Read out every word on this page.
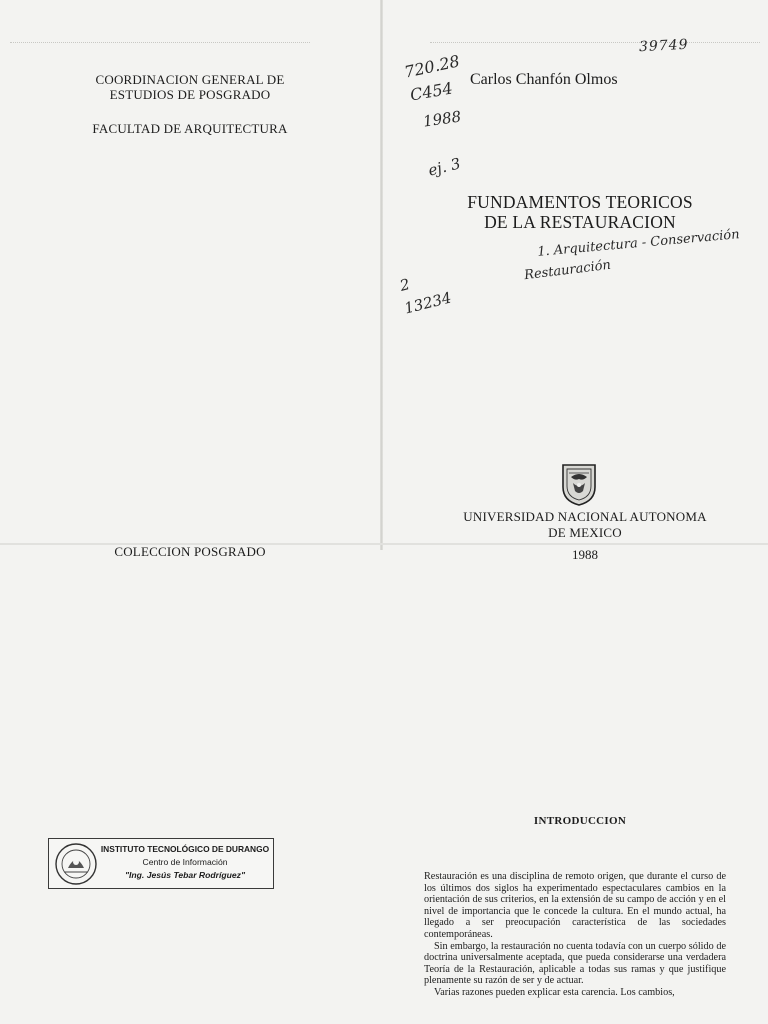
COORDINACION GENERAL DE
ESTUDIOS DE POSGRADO
FACULTAD DE ARQUITECTURA
COLECCION POSGRADO
Carlos Chanfón Olmos
FUNDAMENTOS TEORICOS
DE LA RESTAURACION
UNIVERSIDAD NACIONAL AUTONOMA
DE MEXICO
1988
39749
720.28
C454
1988
ej. 3
1. Arquitectura - Conservación
Restauración
2
13234
INSTITUTO TECNOLÓGICO DE DURANGO
Centro de Información
"Ing. Jesús Tebar Rodríguez"
INTRODUCCION

Restauración es una disciplina de remoto origen, que durante el curso de los últimos dos siglos ha experimentado espectaculares cambios en la orientación de sus criterios, en la extensión de su campo de acción y en el nivel de importancia que le concede la cultura. En el mundo actual, ha llegado a ser preocupación característica de las sociedades contemporáneas.

Sin embargo, la restauración no cuenta todavía con un cuerpo sólido de doctrina universalmente aceptada, que pueda considerarse una verdadera Teoría de la Restauración, aplicable a todas sus ramas y que justifique plenamente su razón de ser y de actuar.

Varias razones pueden explicar esta carencia. Los cambios,
